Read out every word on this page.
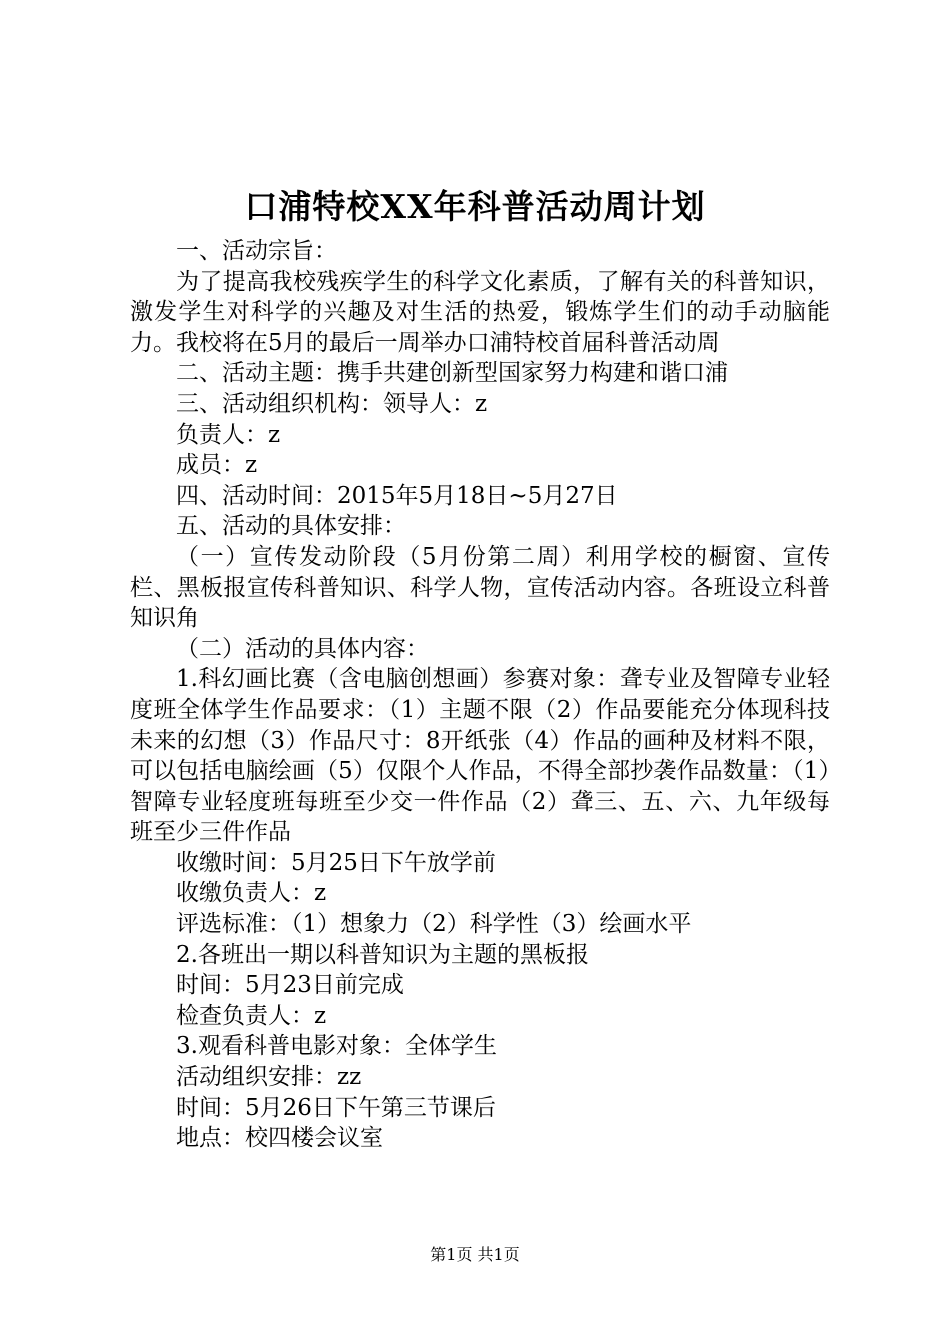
口浦特校XX年科普活动周计划

一、活动宗旨：

为了提高我校残疾学生的科学文化素质，了解有关的科普知识，激发学生对科学的兴趣及对生活的热爱，锻炼学生们的动手动脑能力。我校将在5月的最后一周举办口浦特校首届科普活动周

二、活动主题：携手共建创新型国家努力构建和谐口浦

三、活动组织机构：领导人：z

负责人：z

成员：z

四、活动时间：2015年5月18日~5月27日

五、活动的具体安排：

（一）宣传发动阶段（5月份第二周）利用学校的橱窗、宣传栏、黑板报宣传科普知识、科学人物，宣传活动内容。各班设立科普知识角

（二）活动的具体内容：

1.科幻画比赛（含电脑创想画）参赛对象：聋专业及智障专业轻度班全体学生作品要求：（1）主题不限（2）作品要能充分体现科技未来的幻想（3）作品尺寸：8开纸张（4）作品的画种及材料不限，可以包括电脑绘画（5）仅限个人作品，不得全部抄袭作品数量：（1）智障专业轻度班每班至少交一件作品（2）聋三、五、六、九年级每班至少三件作品

收缴时间：5月25日下午放学前

收缴负责人：z

评选标准：（1）想象力（2）科学性（3）绘画水平

2.各班出一期以科普知识为主题的黑板报

时间：5月23日前完成

检查负责人：z

3.观看科普电影对象：全体学生

活动组织安排：zz

时间：5月26日下午第三节课后

地点：校四楼会议室

第1页 共1页
